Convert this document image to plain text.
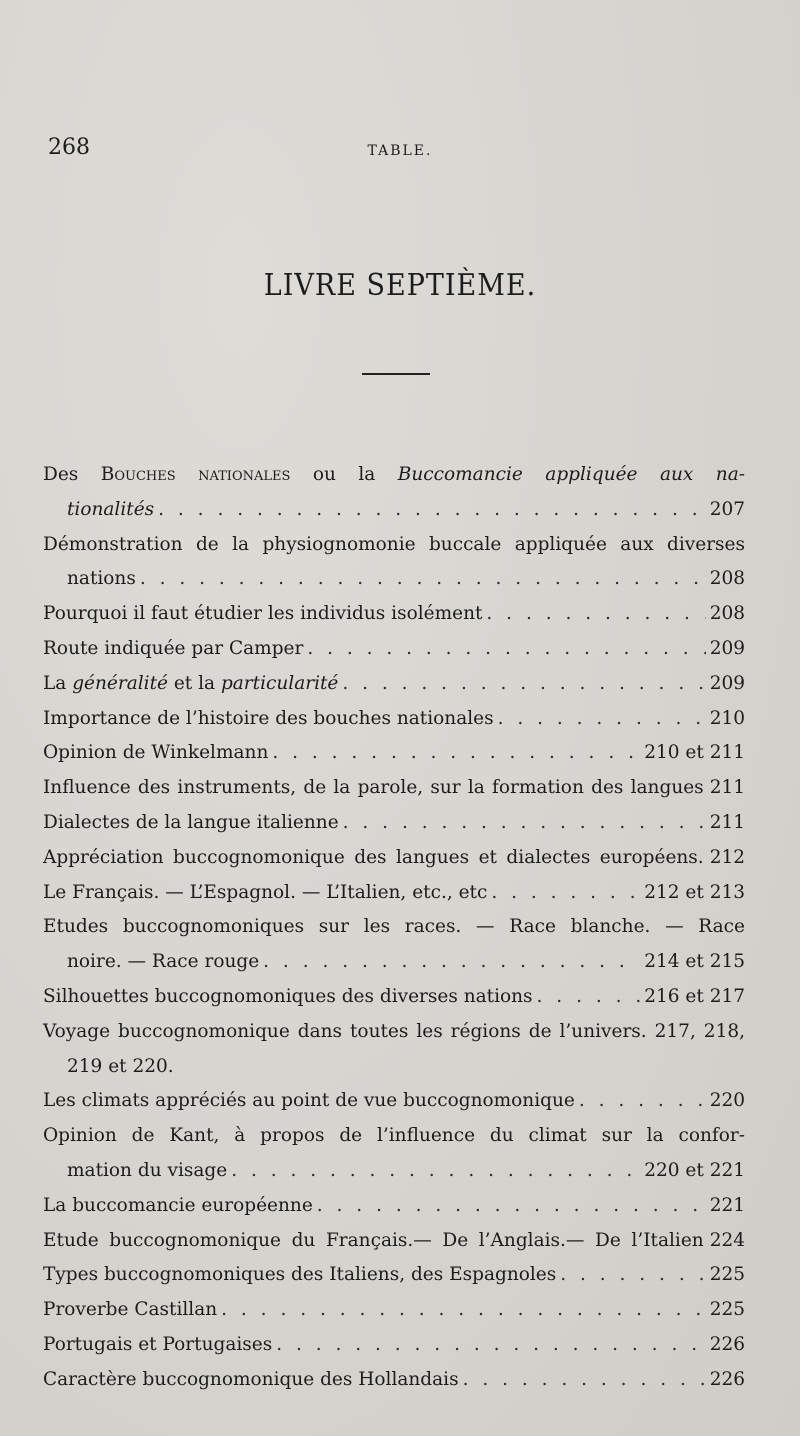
268	TABLE.
LIVRE SEPTIÈME.
Des Bouches nationales ou la Buccomancie appliquée aux na-
tionalités . . .	207
Démonstration de la physiognomonie buccale appliquée aux diverses
nations . . .	208
Pourquoi il faut étudier les individus isolément . . .	208
Route indiquée par Camper . . .	209
La généralité et la particularité . . .	209
Importance de l’histoire des bouches nationales . . .	210
Opinion de Winkelmann . . .	210 et 211
Influence des instruments, de la parole, sur la formation des langues 211
Dialectes de la langue italienne . . .	211
Appréciation buccognomonique des langues et dialectes européens. 212
Le Français. — L’Espagnol. — L’Italien, etc., etc . . .	212 et 213
Etudes buccognomoniques sur les races. — Race blanche. — Race
noire. — Race rouge . . .	214 et 215
Silhouettes buccognomoniques des diverses nations . . .	216 et 217
Voyage buccognomonique dans toutes les régions de l’univers. 217, 218,
219 et 220.
Les climats appréciés au point de vue buccognomonique . . .	220
Opinion de Kant, à propos de l’influence du climat sur la confor-
mation du visage . . .	220 et 221
La buccomancie européenne . . .	221
Etude buccognomonique du Français.— De l’Anglais.— De l’Italien 224
Types buccognomoniques des Italiens, des Espagnoles . . .	225
Proverbe Castillan . . .	225
Portugais et Portugaises . . .	226
Caractère buccognomonique des Hollandais . . .	226
